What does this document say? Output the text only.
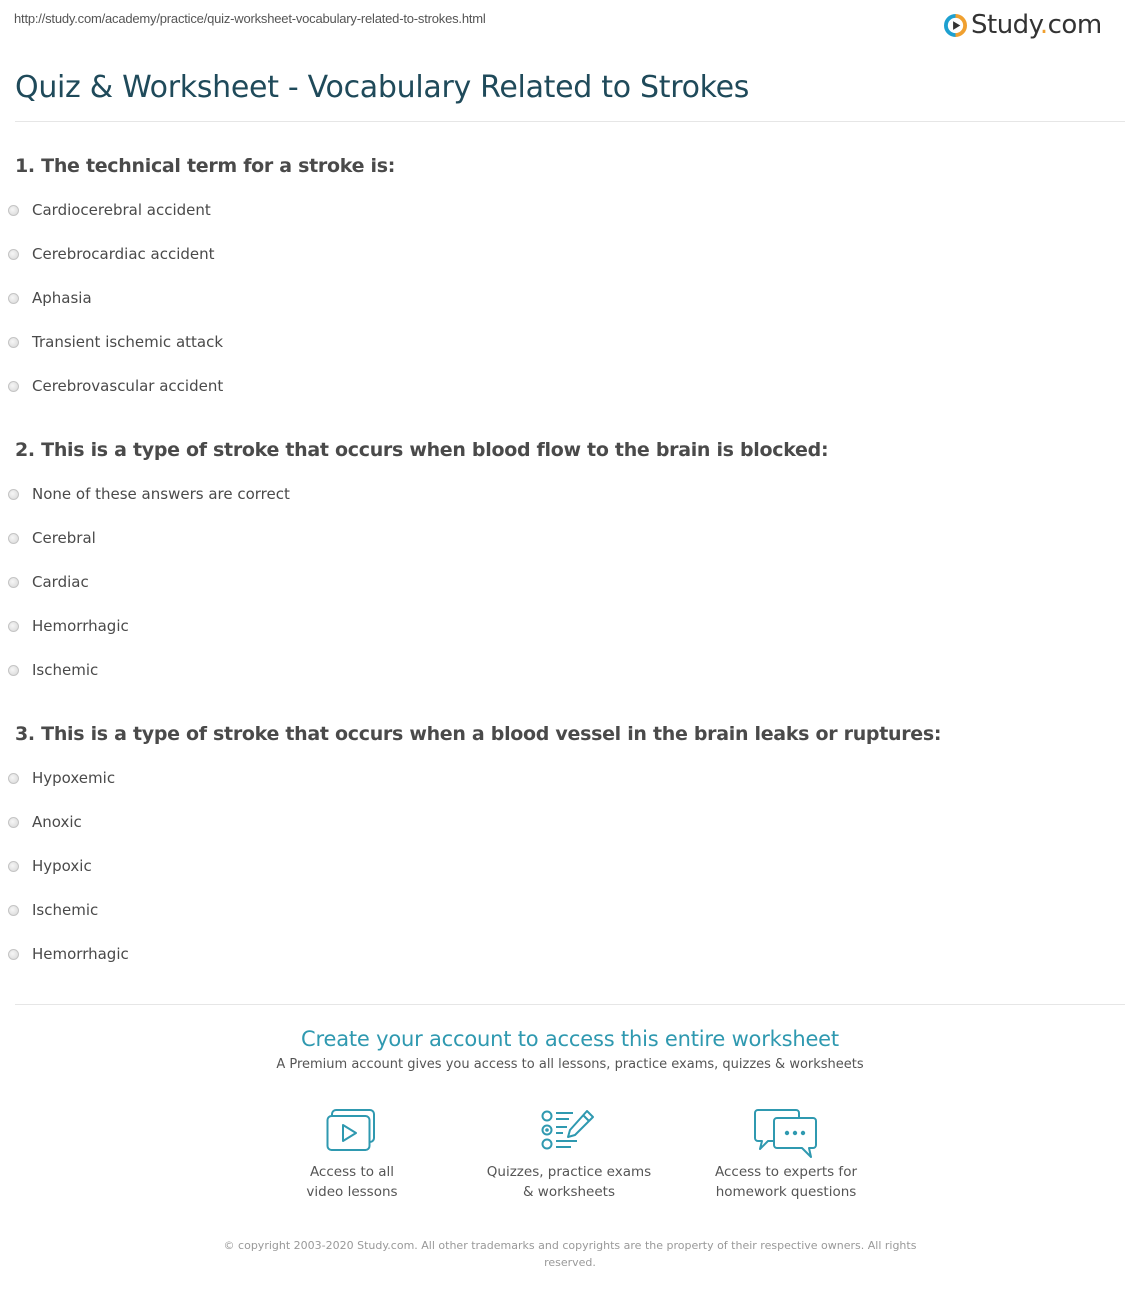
http://study.com/academy/practice/quiz-worksheet-vocabulary-related-to-strokes.html	Study.com
Quiz & Worksheet - Vocabulary Related to Strokes

1. The technical term for a stroke is:

Cardiocerebral accident
Cerebrocardiac accident
Aphasia
Transient ischemic attack
Cerebrovascular accident

2. This is a type of stroke that occurs when blood flow to the brain is blocked:

None of these answers are correct
Cerebral
Cardiac
Hemorrhagic
Ischemic

3. This is a type of stroke that occurs when a blood vessel in the brain leaks or ruptures:

Hypoxemic
Anoxic
Hypoxic
Ischemic
Hemorrhagic
Create your account to access this entire worksheet
A Premium account gives you access to all lessons, practice exams, quizzes & worksheets
Access to all
video lessons
Quizzes, practice exams
& worksheets
Access to experts for
homework questions
© copyright 2003-2020 Study.com. All other trademarks and copyrights are the property of their respective owners. All rights
reserved.
